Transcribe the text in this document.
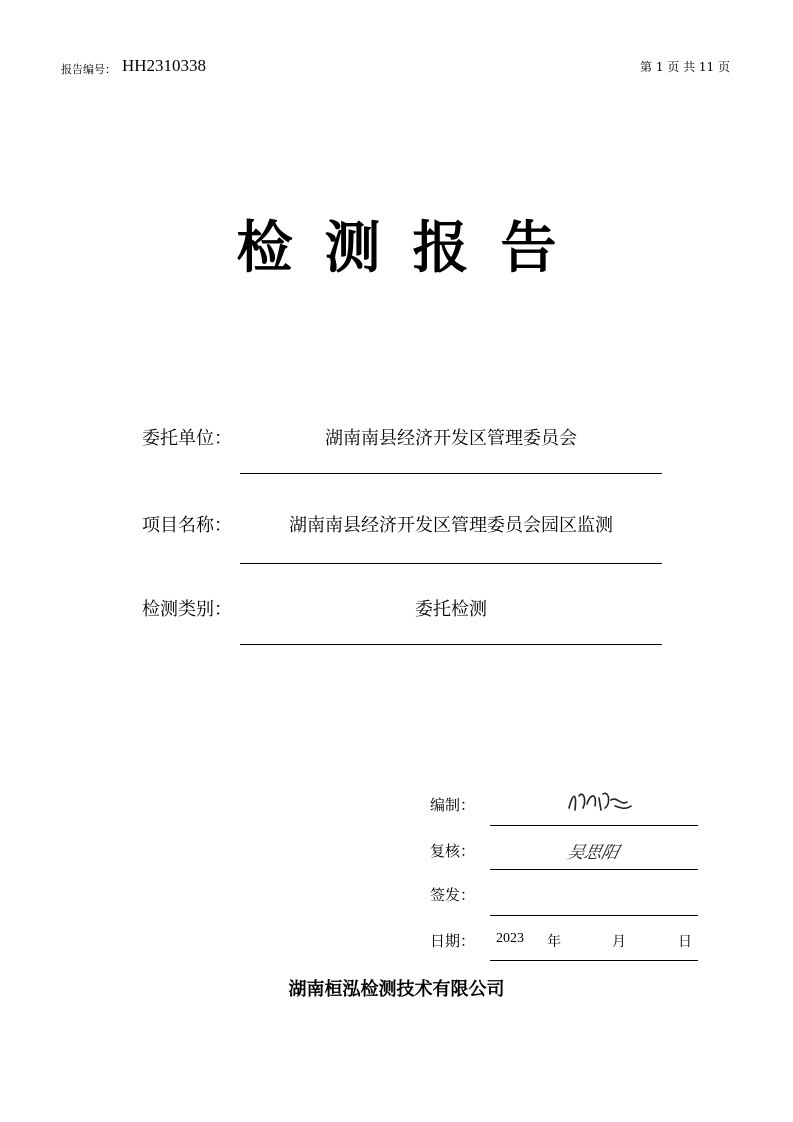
报告编号： HH2310338	第 1 页 共 11 页
检测报告
委托单位：	湖南南县经济开发区管理委员会
项目名称：	湖南南县经济开发区管理委员会园区监测
检测类别：	委托检测
编制：
复核：	吴思阳
签发：
日期： 2023 年	月	日
湖南桓泓检测技术有限公司
